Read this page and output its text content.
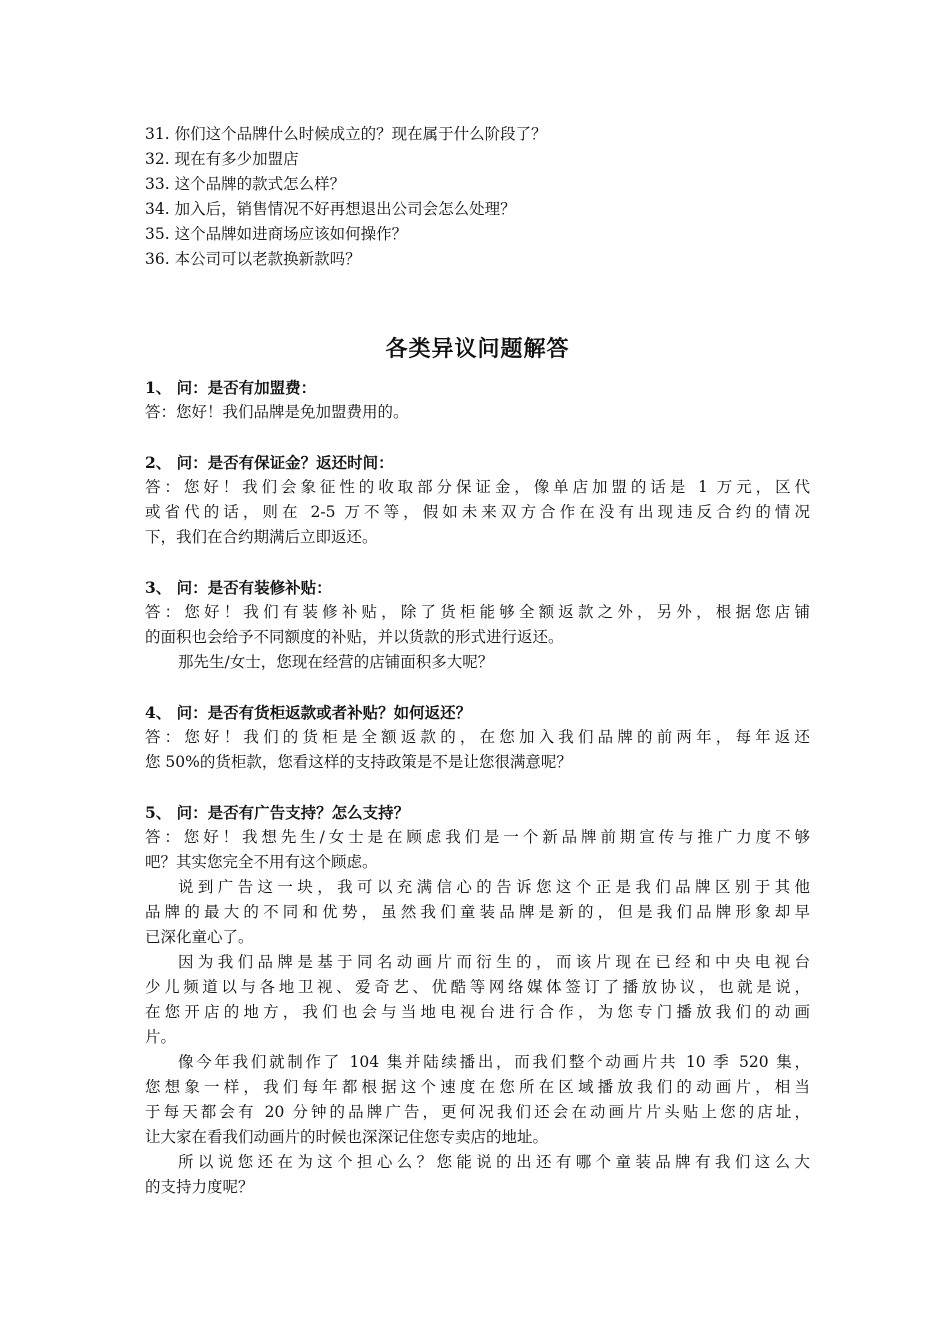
31. 你们这个品牌什么时候成立的？现在属于什么阶段了？
32. 现在有多少加盟店
33. 这个品牌的款式怎么样？
34. 加入后，销售情况不好再想退出公司会怎么处理？
35. 这个品牌如进商场应该如何操作？
36. 本公司可以老款换新款吗？
各类异议问题解答
1、 问：是否有加盟费：
答：您好！我们品牌是免加盟费用的。
2、 问：是否有保证金？返还时间：
答：您好！我们会象征性的收取部分保证金，像单店加盟的话是 1 万元，区代
或省代的话，则在 2-5 万不等，假如未来双方合作在没有出现违反合约的情况
下，我们在合约期满后立即返还。
3、 问：是否有装修补贴：
答：您好！我们有装修补贴，除了货柜能够全额返款之外，另外，根据您店铺
的面积也会给予不同额度的补贴，并以货款的形式进行返还。
那先生/女士，您现在经营的店铺面积多大呢？
4、 问：是否有货柜返款或者补贴？如何返还？
答：您好！我们的货柜是全额返款的，在您加入我们品牌的前两年，每年返还
您 50%的货柜款，您看这样的支持政策是不是让您很满意呢？
5、 问：是否有广告支持？怎么支持？
答：您好！我想先生/女士是在顾虑我们是一个新品牌前期宣传与推广力度不够
吧？其实您完全不用有这个顾虑。
说到广告这一块，我可以充满信心的告诉您这个正是我们品牌区别于其他
品牌的最大的不同和优势，虽然我们童装品牌是新的，但是我们品牌形象却早
已深化童心了。
因为我们品牌是基于同名动画片而衍生的，而该片现在已经和中央电视台
少儿频道以与各地卫视、爱奇艺、优酷等网络媒体签订了播放协议，也就是说，
在您开店的地方，我们也会与当地电视台进行合作，为您专门播放我们的动画
片。
像今年我们就制作了 104 集并陆续播出，而我们整个动画片共 10 季 520 集，
您想象一样，我们每年都根据这个速度在您所在区域播放我们的动画片，相当
于每天都会有 20 分钟的品牌广告，更何况我们还会在动画片片头贴上您的店址，
让大家在看我们动画片的时候也深深记住您专卖店的地址。
所以说您还在为这个担心么？您能说的出还有哪个童装品牌有我们这么大
的支持力度呢？
